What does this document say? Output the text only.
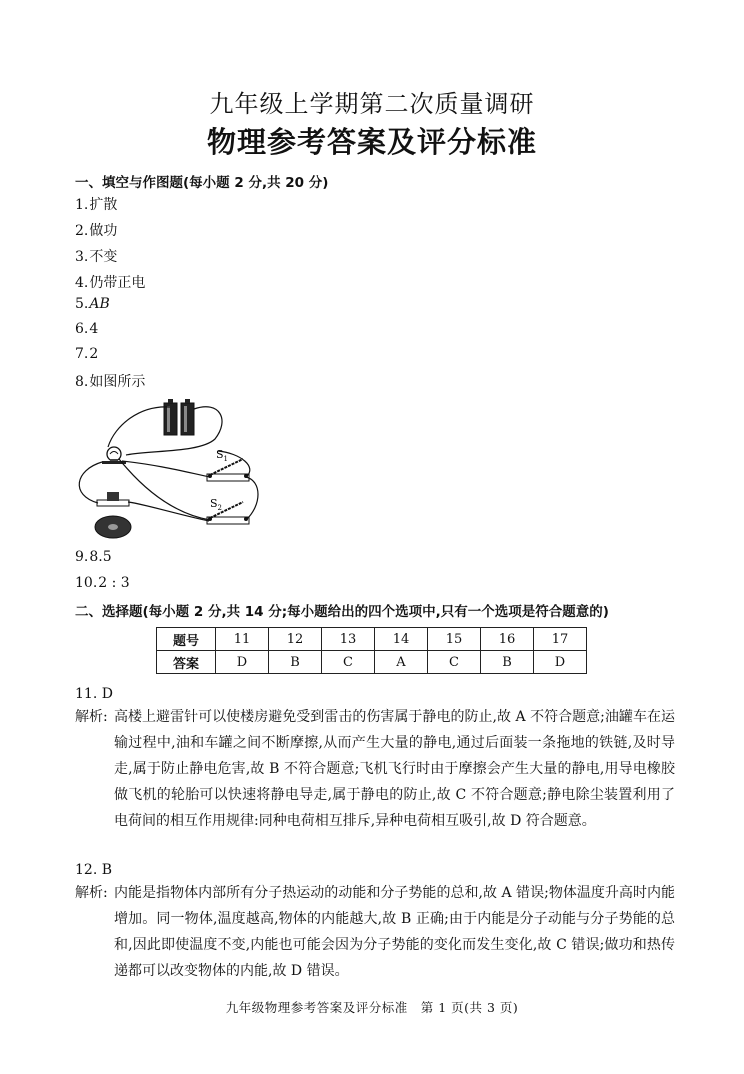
九年级上学期第二次质量调研
物理参考答案及评分标准
一、填空与作图题(每小题 2 分,共 20 分)
1.扩散
2.做功
3.不变
4.仍带正电
5.AB
6.4
7.2
8.如图所示
$S_1$
$S_2$
9.8.5
10.2 : 3
二、选择题(每小题 2 分,共 14 分;每小题给出的四个选项中,只有一个选项是符合题意的)
题号	11	12	13	14	15	16	17
答案	D	B	C	A	C	B	D
11. D
解析: 高楼上避雷针可以使楼房避免受到雷击的伤害属于静电的防止,故 A 不符合题意;油罐车在运输过程中,油和车罐之间不断摩擦,从而产生大量的静电,通过后面装一条拖地的铁链,及时导走,属于防止静电危害,故 B 不符合题意;飞机飞行时由于摩擦会产生大量的静电,用导电橡胶做飞机的轮胎可以快速将静电导走,属于静电的防止,故 C 不符合题意;静电除尘装置利用了电荷间的相互作用规律:同种电荷相互排斥,异种电荷相互吸引,故 D 符合题意。
12. B
解析: 内能是指物体内部所有分子热运动的动能和分子势能的总和,故 A 错误;物体温度升高时内能增加。同一物体,温度越高,物体的内能越大,故 B 正确;由于内能是分子动能与分子势能的总和,因此即使温度不变,内能也可能会因为分子势能的变化而发生变化,故 C 错误;做功和热传递都可以改变物体的内能,故 D 错误。
九年级物理参考答案及评分标准　第 1 页(共 3 页)
